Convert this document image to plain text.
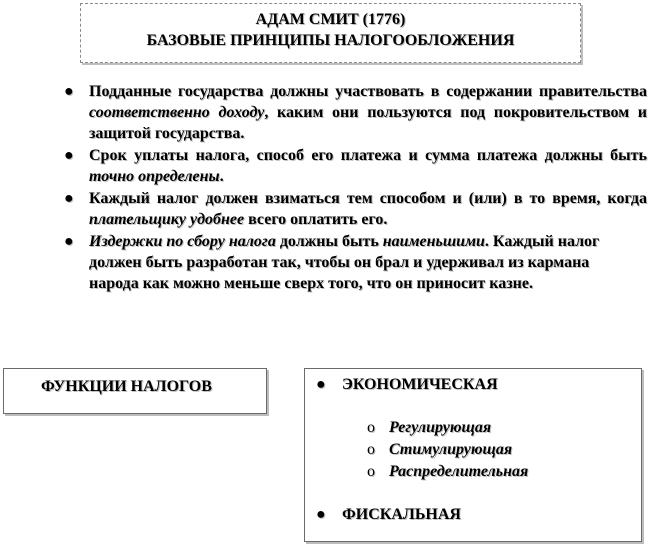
АДАМ СМИТ (1776)
БАЗОВЫЕ ПРИНЦИПЫ НАЛОГООБЛОЖЕНИЯ
● Подданные государства должны участвовать в содержании правительства соответственно доходу, каким они пользуются под покровительством и защитой государства.
● Срок уплаты налога, способ его платежа и сумма платежа должны быть точно определены.
● Каждый налог должен взиматься тем способом и (или) в то время, когда плательщику удобнее всего оплатить его.
● Издержки по сбору налога должны быть наименьшими. Каждый налог должен быть разработан так, чтобы он брал и удерживал из кармана народа как можно меньше сверх того, что он приносит казне.
ФУНКЦИИ НАЛОГОВ	● ЭКОНОМИЧЕСКАЯ
o Регулирующая
o Стимулирующая
o Распределительная
● ФИСКАЛЬНАЯ
